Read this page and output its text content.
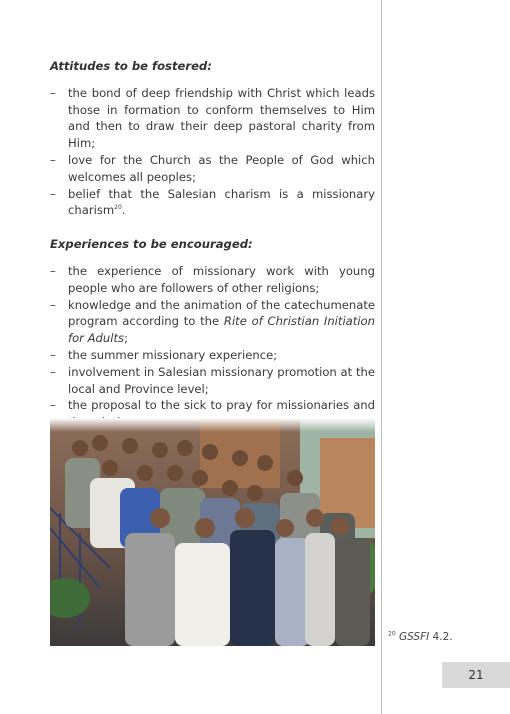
Attitudes to be fostered:

– the bond of deep friendship with Christ which leads those in formation to conform themselves to Him and then to draw their deep pastoral charity from Him;
– love for the Church as the People of God which welcomes all peoples;
– belief that the Salesian charism is a missionary charism$^{20}$.

Experiences to be encouraged:

– the experience of missionary work with young people who are followers of other religions;
– knowledge and the animation of the catechumenate program according to the Rite of Christian Initiation for Adults;
– the summer missionary experience;
– involvement in Salesian missionary promotion at the local and Province level;
– the proposal to the sick to pray for missionaries and
$^{20}$ GSSFI 4.2.
21
